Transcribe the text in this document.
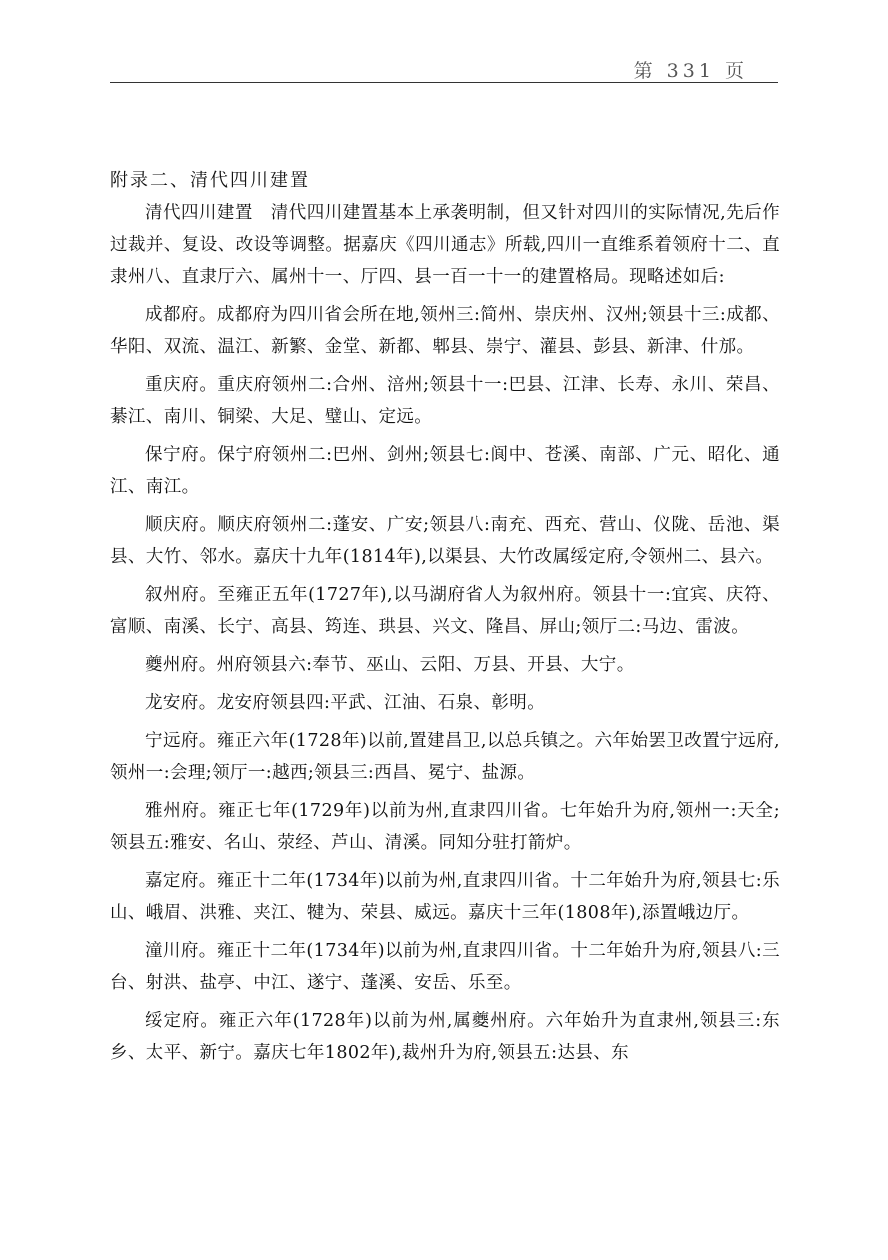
第 331 页
附录二、清代四川建置

清代四川建置　清代四川建置基本上承袭明制，但又针对四川的实际情况,先后作过裁并、复设、改设等调整。据嘉庆《四川通志》所载,四川一直维系着领府十二、直隶州八、直隶厅六、属州十一、厅四、县一百一十一的建置格局。现略述如后:

成都府。成都府为四川省会所在地,领州三:简州、崇庆州、汉州;领县十三:成都、华阳、双流、温江、新繁、金堂、新都、郫县、崇宁、灌县、彭县、新津、什邡。

重庆府。重庆府领州二:合州、涪州;领县十一:巴县、江津、长寿、永川、荣昌、綦江、南川、铜梁、大足、璧山、定远。

保宁府。保宁府领州二:巴州、剑州;领县七:阆中、苍溪、南部、广元、昭化、通江、南江。

顺庆府。顺庆府领州二:蓬安、广安;领县八:南充、西充、营山、仪陇、岳池、渠县、大竹、邻水。嘉庆十九年(1814年),以渠县、大竹改属绥定府,令领州二、县六。

叙州府。至雍正五年(1727年),以马湖府省人为叙州府。领县十一:宜宾、庆符、富顺、南溪、长宁、高县、筠连、珙县、兴文、隆昌、屏山;领厅二:马边、雷波。

夔州府。州府领县六:奉节、巫山、云阳、万县、开县、大宁。

龙安府。龙安府领县四:平武、江油、石泉、彰明。

宁远府。雍正六年(1728年)以前,置建昌卫,以总兵镇之。六年始罢卫改置宁远府,领州一:会理;领厅一:越西;领县三:西昌、冕宁、盐源。

雅州府。雍正七年(1729年)以前为州,直隶四川省。七年始升为府,领州一:天全;领县五:雅安、名山、荥经、芦山、清溪。同知分驻打箭炉。

嘉定府。雍正十二年(1734年)以前为州,直隶四川省。十二年始升为府,领县七:乐山、峨眉、洪雅、夹江、犍为、荣县、威远。嘉庆十三年(1808年),添置峨边厅。

潼川府。雍正十二年(1734年)以前为州,直隶四川省。十二年始升为府,领县八:三台、射洪、盐亭、中江、遂宁、蓬溪、安岳、乐至。

绥定府。雍正六年(1728年)以前为州,属夔州府。六年始升为直隶州,领县三:东乡、太平、新宁。嘉庆七年1802年),裁州升为府,领县五:达县、东
